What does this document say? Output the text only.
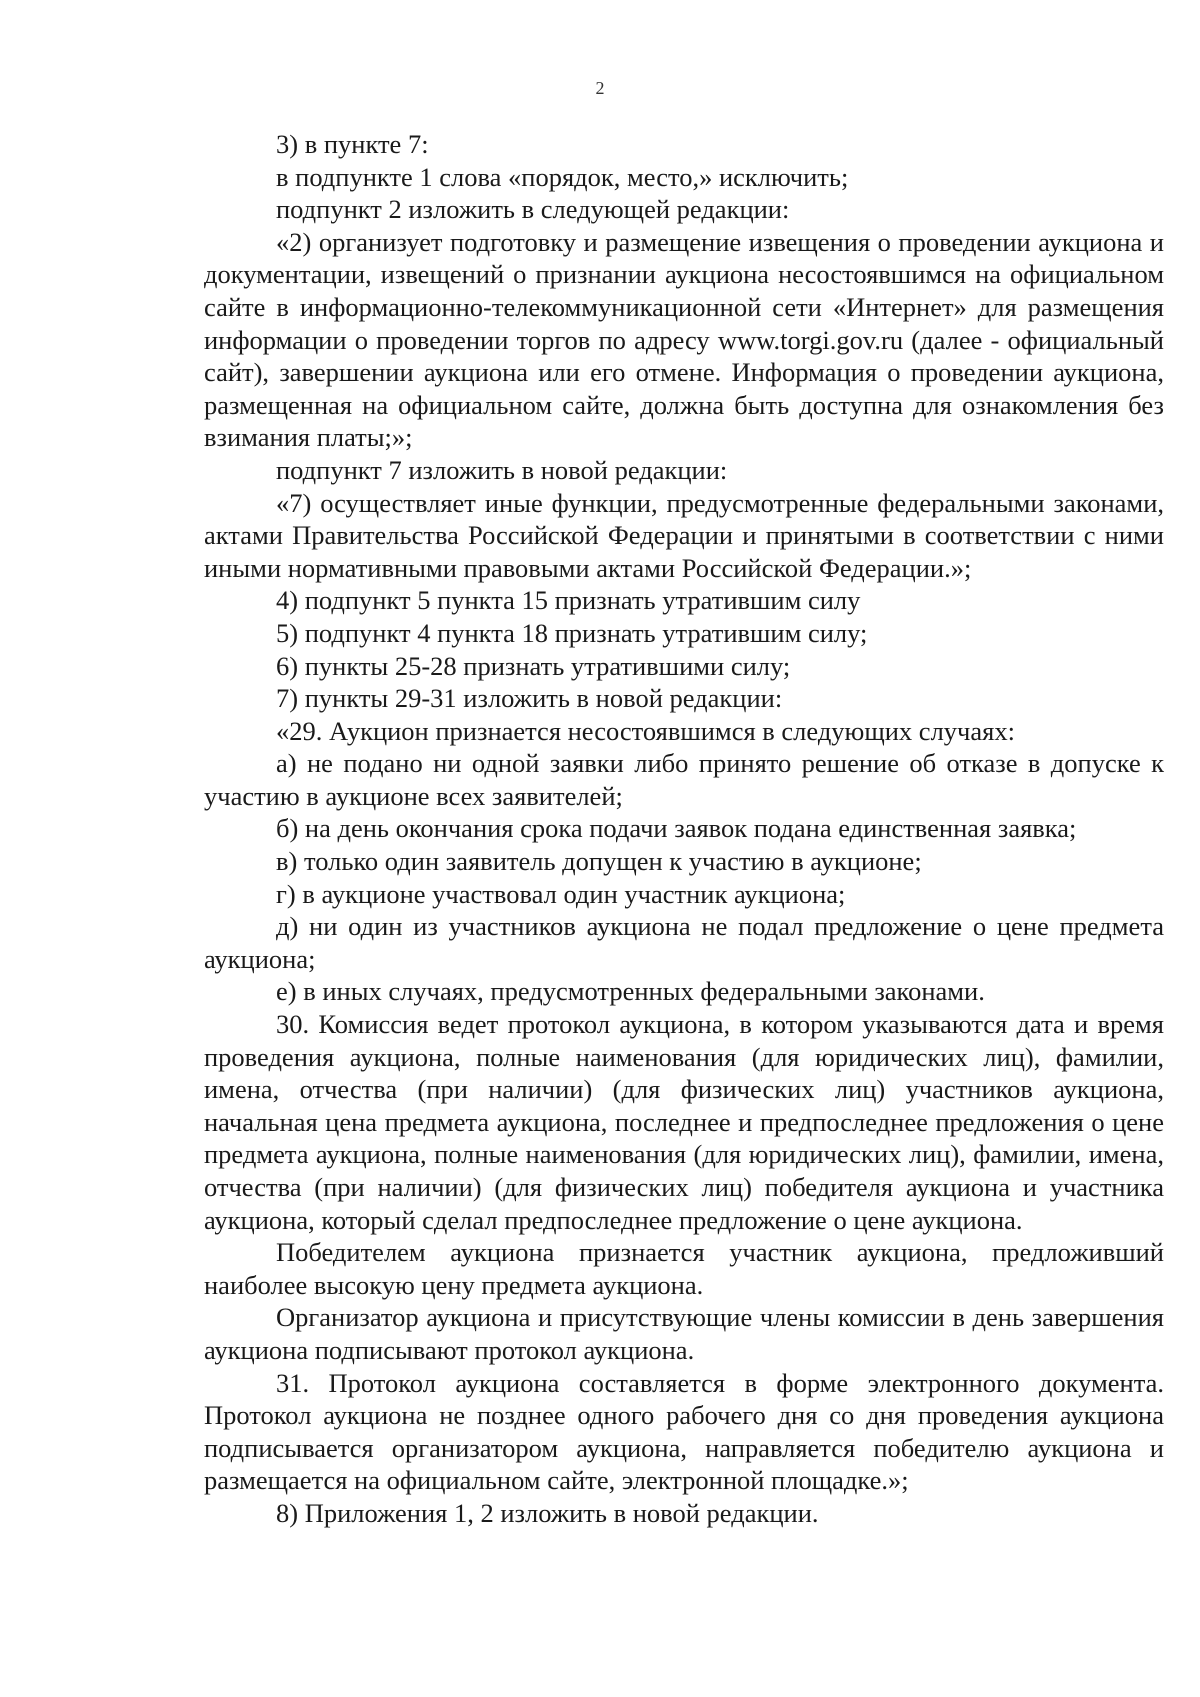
2

3) в пункте 7:

в подпункте 1 слова «порядок, место,» исключить;

подпункт 2 изложить в следующей редакции:

«2) организует подготовку и размещение извещения о проведении аукциона и документации, извещений о признании аукциона несостоявшимся на официальном сайте в информационно-телекоммуникационной сети «Интернет» для размещения информации о проведении торгов по адресу www.torgi.gov.ru (далее - официальный сайт), завершении аукциона или его отмене. Информация о проведении аукциона, размещенная на официальном сайте, должна быть доступна для ознакомления без взимания платы;»;

подпункт 7 изложить в новой редакции:

«7) осуществляет иные функции, предусмотренные федеральными законами, актами Правительства Российской Федерации и принятыми в соответствии с ними иными нормативными правовыми актами Российской Федерации.»;

4) подпункт 5 пункта 15 признать утратившим силу

5) подпункт 4 пункта 18 признать утратившим силу;

6) пункты 25-28 признать утратившими силу;

7) пункты 29-31 изложить в новой редакции:

«29. Аукцион признается несостоявшимся в следующих случаях:

а) не подано ни одной заявки либо принято решение об отказе в допуске к участию в аукционе всех заявителей;

б) на день окончания срока подачи заявок подана единственная заявка;

в) только один заявитель допущен к участию в аукционе;

г) в аукционе участвовал один участник аукциона;

д) ни один из участников аукциона не подал предложение о цене предмета аукциона;

е) в иных случаях, предусмотренных федеральными законами.

30. Комиссия ведет протокол аукциона, в котором указываются дата и время проведения аукциона, полные наименования (для юридических лиц), фамилии, имена, отчества (при наличии) (для физических лиц) участников аукциона, начальная цена предмета аукциона, последнее и предпоследнее предложения о цене предмета аукциона, полные наименования (для юридических лиц), фамилии, имена, отчества (при наличии) (для физических лиц) победителя аукциона и участника аукциона, который сделал предпоследнее предложение о цене аукциона.

Победителем аукциона признается участник аукциона, предложивший наиболее высокую цену предмета аукциона.

Организатор аукциона и присутствующие члены комиссии в день завершения аукциона подписывают протокол аукциона.

31. Протокол аукциона составляется в форме электронного документа. Протокол аукциона не позднее одного рабочего дня со дня проведения аукциона подписывается организатором аукциона, направляется победителю аукциона и размещается на официальном сайте, электронной площадке.»;

8) Приложения 1, 2 изложить в новой редакции.
